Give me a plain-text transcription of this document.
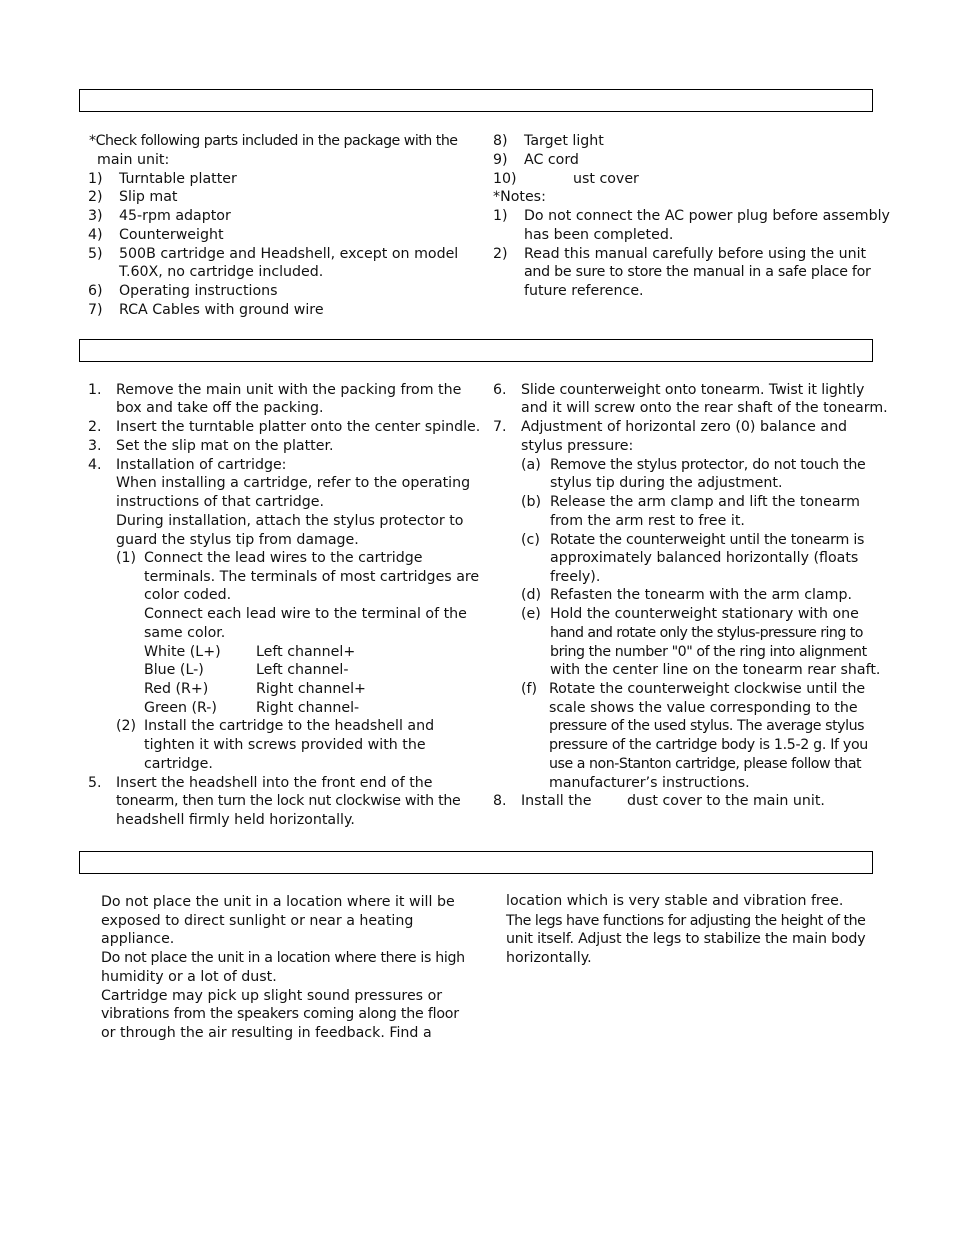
*Check following parts included in the package with the
main unit:
1) Turntable platter
2) Slip mat
3) 45-rpm adaptor
4) Counterweight
5) 500B cartridge and Headshell, except on model
T.60X, no cartridge included.
6) Operating instructions
7) RCA Cables with ground wire
8) Target light
9) AC cord
10)	ust cover
*Notes:
1) Do not connect the AC power plug before assembly
has been completed.
2) Read this manual carefully before using the unit
and be sure to store the manual in a safe place for
future reference.
1. Remove the main unit with the packing from the
box and take off the packing.
2. Insert the turntable platter onto the center spindle.
3. Set the slip mat on the platter.
4. Installation of cartridge:
When installing a cartridge, refer to the operating
instructions of that cartridge.
During installation, attach the stylus protector to
guard the stylus tip from damage.
(1) Connect the lead wires to the cartridge
terminals. The terminals of most cartridges are
color coded.
Connect each lead wire to the terminal of the
same color.
White (L+) Left channel+
Blue (L-)	Left channel-
Red (R+)	Right channel+
Green (R-)	Right channel-
(2) Install the cartridge to the headshell and
tighten it with screws provided with the
cartridge.
5. Insert the headshell into the front end of the
tonearm, then turn the lock nut clockwise with the
headshell firmly held horizontally.
6. Slide counterweight onto tonearm. Twist it lightly
and it will screw onto the rear shaft of the tonearm.
7. Adjustment of horizontal zero (0) balance and
stylus pressure:
(a) Remove the stylus protector, do not touch the
stylus tip during the adjustment.
(b) Release the arm clamp and lift the tonearm
from the arm rest to free it.
(c) Rotate the counterweight until the tonearm is
approximately balanced horizontally (floats
freely).
(d) Refasten the tonearm with the arm clamp.
(e) Hold the counterweight stationary with one
hand and rotate only the stylus-pressure ring to
bring the number "0" of the ring into alignment
with the center line on the tonearm rear shaft.
(f) Rotate the counterweight clockwise until the
scale shows the value corresponding to the
pressure of the used stylus. The average stylus
pressure of the cartridge body is 1.5-2 g. If you
use a non-Stanton cartridge, please follow that
manufacturer’s instructions.
8. Install the dust cover to the main unit.
Do not place the unit in a location where it will be
exposed to direct sunlight or near a heating
appliance.
Do not place the unit in a location where there is high
humidity or a lot of dust.
Cartridge may pick up slight sound pressures or
vibrations from the speakers coming along the floor
or through the air resulting in feedback. Find a
location which is very stable and vibration free.
The legs have functions for adjusting the height of the
unit itself. Adjust the legs to stabilize the main body
horizontally.
